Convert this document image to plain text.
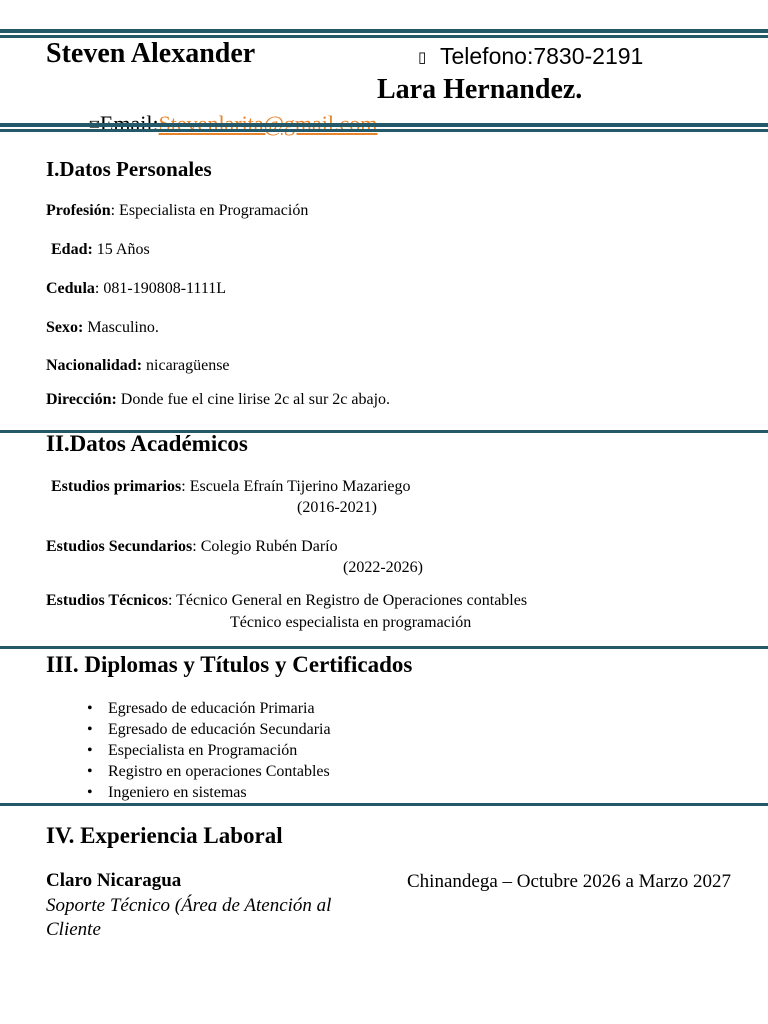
Steven Alexander	▯ Telefono:7830-2191
Lara Hernandez.
I.Datos Personales
Profesión: Especialista en Programación
Edad: 15 Años
Cedula: 081-190808-1111L
Sexo: Masculino.
Nacionalidad: nicaragüense
Dirección: Donde fue el cine lirise 2c al sur 2c abajo.
II.Datos Académicos
Estudios primarios: Escuela Efraín Tijerino Mazariego
(2016-2021)
Estudios Secundarios: Colegio Rubén Darío
(2022-2026)
Estudios Técnicos: Técnico General en Registro de Operaciones contables
Técnico especialista en programación
III. Diplomas y Títulos y Certificados
• Egresado de educación Primaria
• Egresado de educación Secundaria
• Especialista en Programación
• Registro en operaciones Contables
• Ingeniero en sistemas
IV. Experiencia Laboral
Claro Nicaragua
Soporte Técnico (Área de Atención al Cliente
Chinandega – Octubre 2026 a Marzo 2027
